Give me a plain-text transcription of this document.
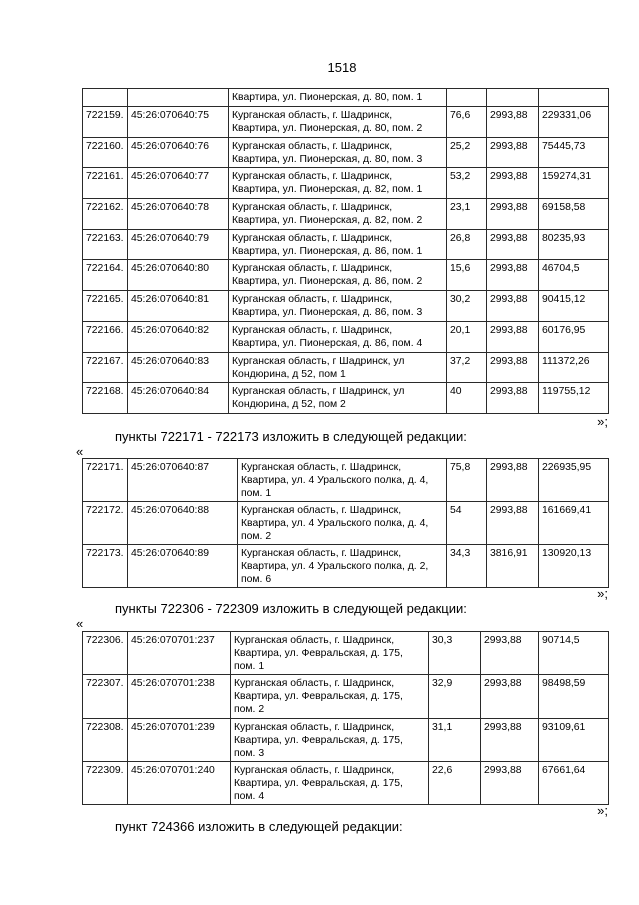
1518
		Квартира, ул. Пионерская, д. 80, пом. 1			
722159.	45:26:070640:75	Курганская область, г. Шадринск,
Квартира, ул. Пионерская, д. 80, пом. 2	76,6	2993,88	229331,06
722160.	45:26:070640:76	Курганская область, г. Шадринск,
Квартира, ул. Пионерская, д. 80, пом. 3	25,2	2993,88	75445,73
722161.	45:26:070640:77	Курганская область, г. Шадринск,
Квартира, ул. Пионерская, д. 82, пом. 1	53,2	2993,88	159274,31
722162.	45:26:070640:78	Курганская область, г. Шадринск,
Квартира, ул. Пионерская, д. 82, пом. 2	23,1	2993,88	69158,58
722163.	45:26:070640:79	Курганская область, г. Шадринск,
Квартира, ул. Пионерская, д. 86, пом. 1	26,8	2993,88	80235,93
722164.	45:26:070640:80	Курганская область, г. Шадринск,
Квартира, ул. Пионерская, д. 86, пом. 2	15,6	2993,88	46704,5
722165.	45:26:070640:81	Курганская область, г. Шадринск,
Квартира, ул. Пионерская, д. 86, пом. 3	30,2	2993,88	90415,12
722166.	45:26:070640:82	Курганская область, г. Шадринск,
Квартира, ул. Пионерская, д. 86, пом. 4	20,1	2993,88	60176,95
722167.	45:26:070640:83	Курганская область, г Шадринск, ул
Кондюрина, д 52, пом 1	37,2	2993,88	111372,26
722168.	45:26:070640:84	Курганская область, г Шадринск, ул
Кондюрина, д 52, пом 2	40	2993,88	119755,12
»;
пункты 722171 - 722173 изложить в следующей редакции:
«
722171.	45:26:070640:87	Курганская область, г. Шадринск,
Квартира, ул. 4 Уральского полка, д. 4,
пом. 1	75,8	2993,88	226935,95
722172.	45:26:070640:88	Курганская область, г. Шадринск,
Квартира, ул. 4 Уральского полка, д. 4,
пом. 2	54	2993,88	161669,41
722173.	45:26:070640:89	Курганская область, г. Шадринск,
Квартира, ул. 4 Уральского полка, д. 2,
пом. 6	34,3	3816,91	130920,13
»;
пункты 722306 - 722309 изложить в следующей редакции:
«
722306.	45:26:070701:237	Курганская область, г. Шадринск,
Квартира, ул. Февральская, д. 175,
пом. 1	30,3	2993,88	90714,5
722307.	45:26:070701:238	Курганская область, г. Шадринск,
Квартира, ул. Февральская, д. 175,
пом. 2	32,9	2993,88	98498,59
722308.	45:26:070701:239	Курганская область, г. Шадринск,
Квартира, ул. Февральская, д. 175,
пом. 3	31,1	2993,88	93109,61
722309.	45:26:070701:240	Курганская область, г. Шадринск,
Квартира, ул. Февральская, д. 175,
пом. 4	22,6	2993,88	67661,64
»;
пункт 724366 изложить в следующей редакции:
